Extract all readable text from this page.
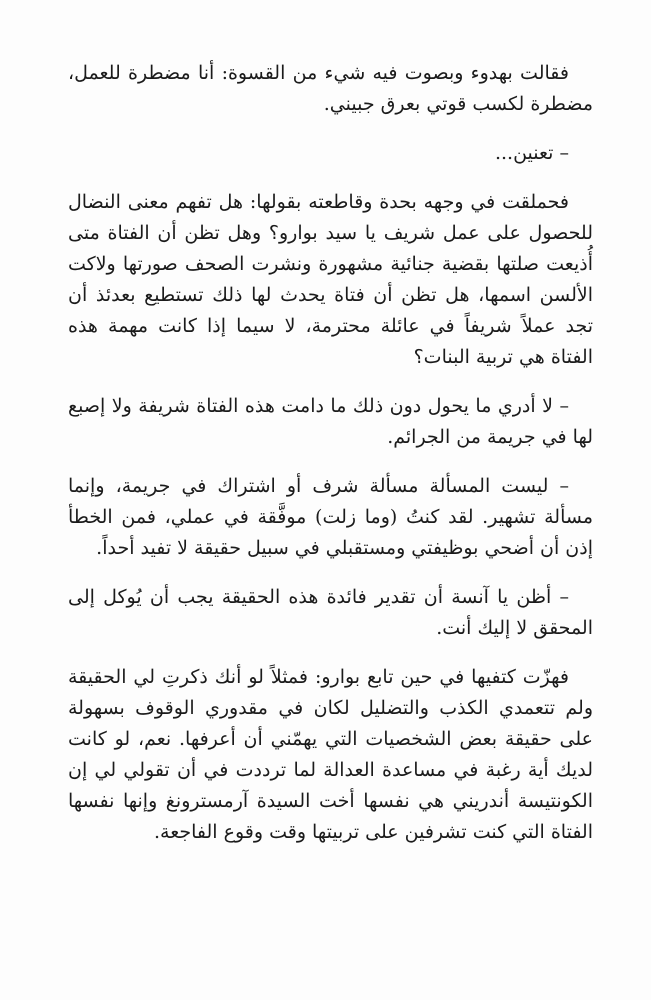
فقالت بهدوء وبصوت فيه شيء من القسوة: أنا مضطرة للعمل، مضطرة لكسب قوتي بعرق جبيني.

– تعنين...

فحملقت في وجهه بحدة وقاطعته بقولها: هل تفهم معنى النضال للحصول على عمل شريف يا سيد بوارو؟ وهل تظن أن الفتاة متى أُذيعت صلتها بقضية جنائية مشهورة ونشرت الصحف صورتها ولاكت الألسن اسمها، هل تظن أن فتاة يحدث لها ذلك تستطيع بعدئذ أن تجد عملاً شريفاً في عائلة محترمة، لا سيما إذا كانت مهمة هذه الفتاة هي تربية البنات؟

– لا أدري ما يحول دون ذلك ما دامت هذه الفتاة شريفة ولا إصبع لها في جريمة من الجرائم.

– ليست المسألة مسألة شرف أو اشتراك في جريمة، وإنما مسألة تشهير. لقد كنتُ (وما زلت) موفَّقة في عملي، فمن الخطأ إذن أن أضحي بوظيفتي ومستقبلي في سبيل حقيقة لا تفيد أحداً.

– أظن يا آنسة أن تقدير فائدة هذه الحقيقة يجب أن يُوكل إلى المحقق لا إليك أنت.

فهزّت كتفيها في حين تابع بوارو: فمثلاً لو أنك ذكرتِ لي الحقيقة ولم تتعمدي الكذب والتضليل لكان في مقدوري الوقوف بسهولة على حقيقة بعض الشخصيات التي يهمّني أن أعرفها. نعم، لو كانت لديك أية رغبة في مساعدة العدالة لما ترددت في أن تقولي لي إن الكونتيسة أندريني هي نفسها أخت السيدة آرمسترونغ وإنها نفسها الفتاة التي كنت تشرفين على تربيتها وقت وقوع الفاجعة.
